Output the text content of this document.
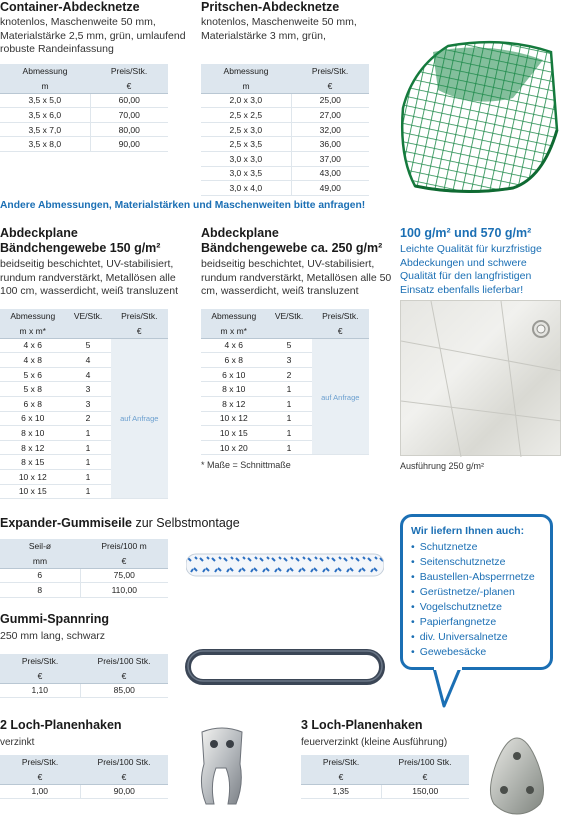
Container-Abdecknetze

knotenlos, Maschenweite 50 mm, Materialstärke 2,5 mm, grün, umlaufend robuste Randeinfassung

Abmessung	Preis/Stk.
m	€
3,5 x 5,0	60,00
3,5 x 6,0	70,00
3,5 x 7,0	80,00
3,5 x 8,0	90,00
Pritschen-Abdecknetze

knotenlos, Maschenweite 50 mm, Materialstärke 3 mm, grün,

Abmessung	Preis/Stk.
m	€
2,0 x 3,0	25,00
2,5 x 2,5	27,00
2,5 x 3,0	32,00
2,5 x 3,5	36,00
3,0 x 3,0	37,00
3,0 x 3,5	43,00
3,0 x 4,0	49,00

Andere Abmessungen, Materialstärken und Maschenweiten bitte anfragen!

Abdeckplane
Bändchengewebe 150 g/m²

beidseitig beschichtet, UV-stabilisiert, rundum randverstärkt, Metallösen alle 100 cm, wasserdicht, weiß transluzent

Abmessung	VE/Stk.	Preis/Stk.
m x m*		€
4 x 6	5	auf Anfrage
4 x 8	4	
5 x 6	4	
5 x 8	3	
6 x 8	3	
6 x 10	2	
8 x 10	1	
8 x 12	1	
8 x 15	1	
10 x 12	1	
10 x 15	1	
Abdeckplane
Bändchengewebe ca. 250 g/m²

beidseitig beschichtet, UV-stabilisiert, rundum randverstärkt, Metallösen alle 50 cm, wasserdicht, weiß transluzent

Abmessung	VE/Stk.	Preis/Stk.
m x m*		€
4 x 6	5	auf Anfrage
6 x 8	3	
6 x 10	2	
8 x 10	1	
8 x 12	1	
10 x 12	1	
10 x 15	1	
10 x 20	1	

* Maße = Schnittmaße

100 g/m² und 570 g/m²

Leichte Qualität für kurzfristige Abdeckungen und schwere Qualität für den langfristigen Einsatz ebenfalls lieferbar!

Ausführung 250 g/m²

Expander-Gummiseile zur Selbstmontage
Seil-ø	Preis/100 m
mm	€
6	75,00
8	110,00
Wir liefern Ihnen auch:
• Schutznetze
• Seitenschutznetze
• Baustellen-Absperrnetze
• Gerüstnetze/-planen
• Vogelschutznetze
• Papierfangnetze
• div. Universalnetze
• Gewebesäcke
Gummi-Spannring

250 mm lang, schwarz

Preis/Stk.	Preis/100 Stk.
€	€
1,10	85,00
2 Loch-Planenhaken

verzinkt

Preis/Stk.	Preis/100 Stk.
€	€
1,00	90,00
3 Loch-Planenhaken

feuerverzinkt (kleine Ausführung)

Preis/Stk.	Preis/100 Stk.
€	€
1,35	150,00
